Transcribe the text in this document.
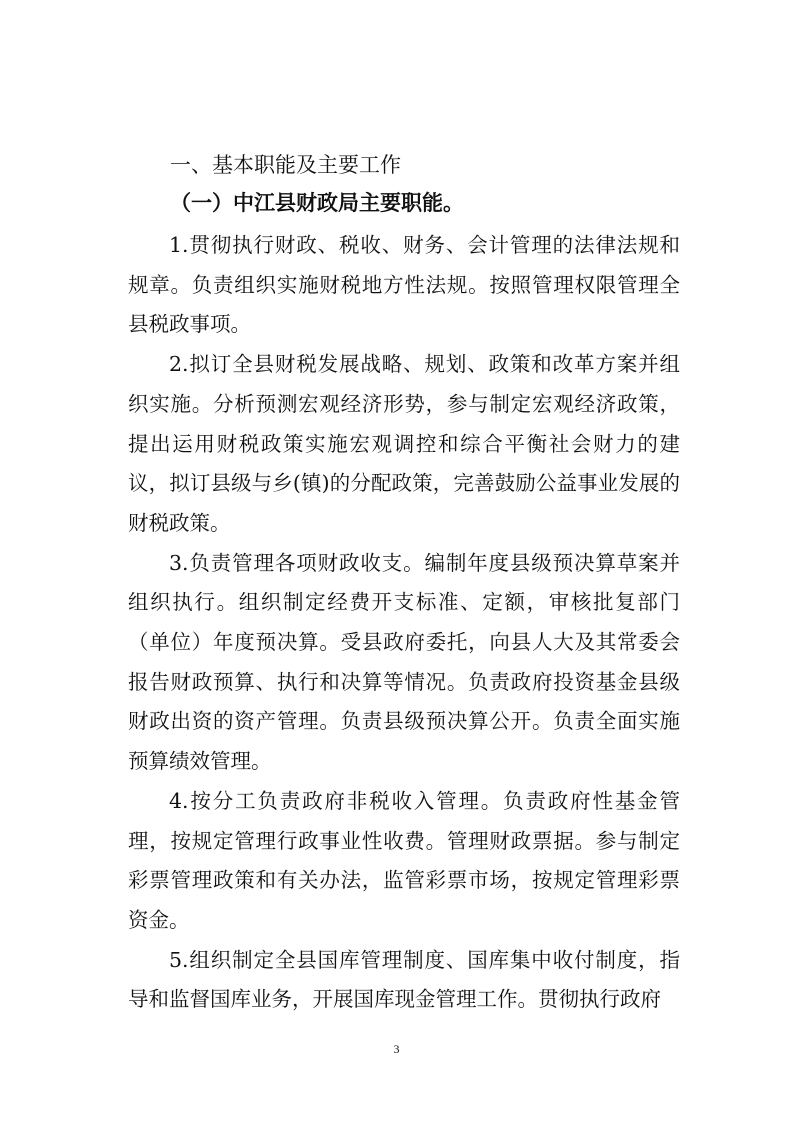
一、基本职能及主要工作
（一）中江县财政局主要职能。

1.贯彻执行财政、税收、财务、会计管理的法律法规和规章。负责组织实施财税地方性法规。按照管理权限管理全县税政事项。

2.拟订全县财税发展战略、规划、政策和改革方案并组织实施。分析预测宏观经济形势，参与制定宏观经济政策，提出运用财税政策实施宏观调控和综合平衡社会财力的建议，拟订县级与乡(镇)的分配政策，完善鼓励公益事业发展的财税政策。

3.负责管理各项财政收支。编制年度县级预决算草案并组织执行。组织制定经费开支标准、定额，审核批复部门（单位）年度预决算。受县政府委托，向县人大及其常委会报告财政预算、执行和决算等情况。负责政府投资基金县级财政出资的资产管理。负责县级预决算公开。负责全面实施预算绩效管理。

4.按分工负责政府非税收入管理。负责政府性基金管理，按规定管理行政事业性收费。管理财政票据。参与制定彩票管理政策和有关办法，监管彩票市场，按规定管理彩票资金。

5.组织制定全县国库管理制度、国库集中收付制度，指导和监督国库业务，开展国库现金管理工作。贯彻执行政府

3
